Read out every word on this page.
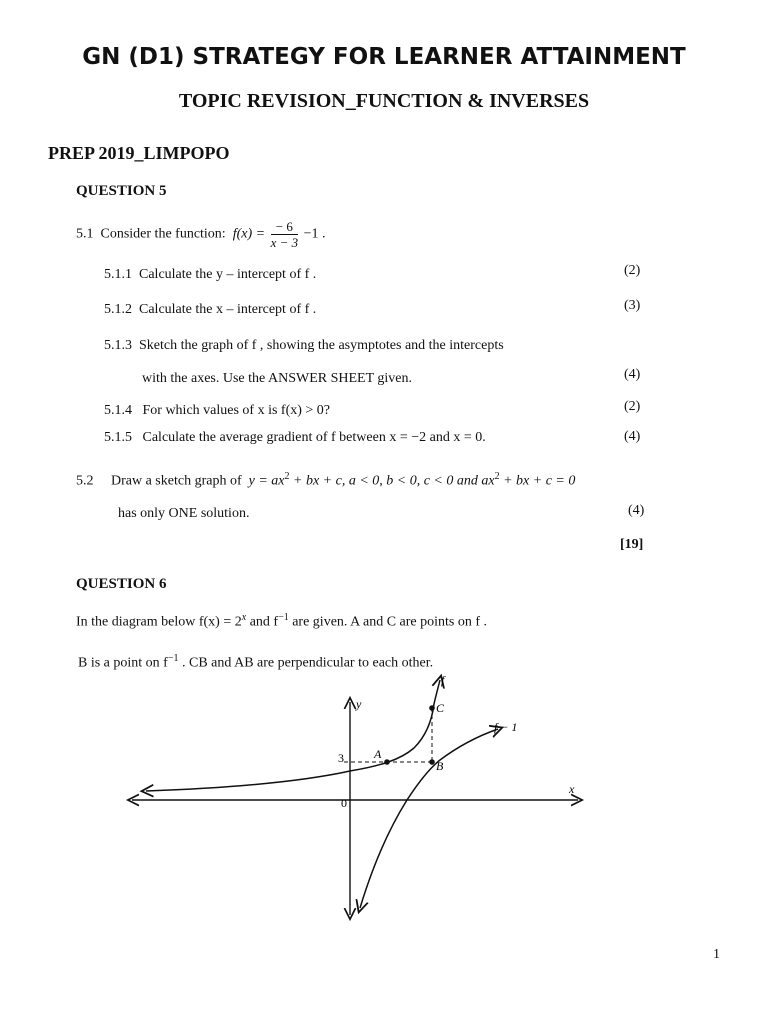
GN (D1) STRATEGY FOR LEARNER ATTAINMENT
TOPIC REVISION_FUNCTION & INVERSES
PREP 2019_LIMPOPO
QUESTION 5
5.1 Consider the function: $f(x) = \frac{- 6}{x - 3} -1$ .
5.1.1 Calculate the y – intercept of f .	(2)
5.1.2 Calculate the x – intercept of f .	(3)
5.1.3 Sketch the graph of f , showing the asymptotes and the intercepts
with the axes. Use the ANSWER SHEET given.	(4)
5.1.4 For which values of x is f(x) > 0?	(2)
5.1.5 Calculate the average gradient of f between x = −2 and x = 0.	(4)
5.2 Draw a sketch graph of $y = ax^2$ + bx + c, a < 0, b < 0, c < 0 and $ax^2$ + bx + c = 0
has only ONE solution.	(4)
[19]
QUESTION 6
In the diagram below $f(x) = 2^x$ and $f^{-1}$ are given. A and C are points on f .
B is a point on $f^{-1}$ . CB and AB are perpendicular to each other.
y
x
f
f − 1
0
3	A
B
C
1
